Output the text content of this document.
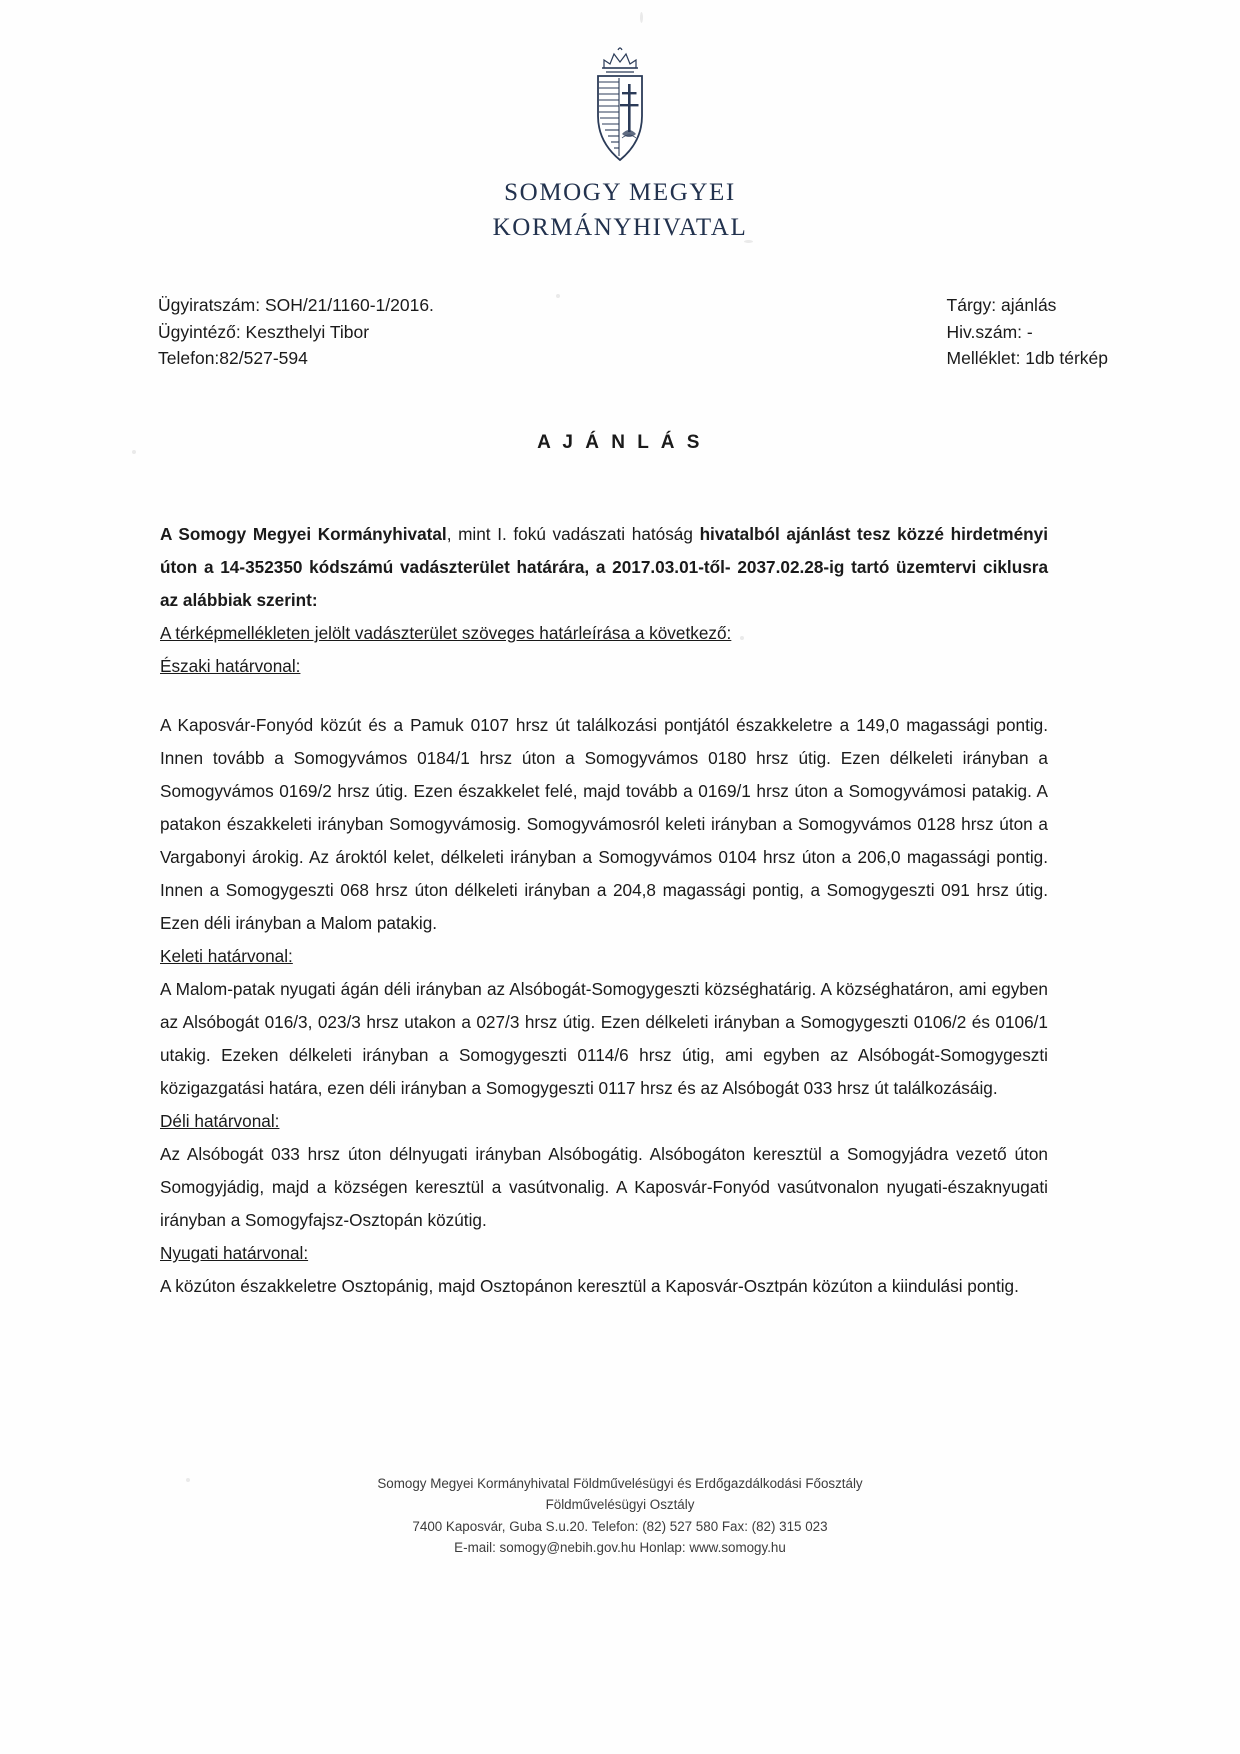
SOMOGY MEGYEI
KORMÁNYHIVATAL
Ügyiratszám: SOH/21/1160-1/2016.
Ügyintéző: Keszthelyi Tibor
Telefon:82/527-594
Tárgy: ajánlás
Hiv.szám: -
Melléklet: 1db térkép
A J Á N L Á S

A Somogy Megyei Kormányhivatal, mint I. fokú vadászati hatóság hivatalból ajánlást tesz közzé hirdetményi úton a 14-352350 kódszámú vadászterület határára, a 2017.03.01-től- 2037.02.28-ig tartó üzemtervi ciklusra az alábbiak szerint:

A térképmellékleten jelölt vadászterület szöveges határleírása a következő:

Északi határvonal:

A Kaposvár-Fonyód közút és a Pamuk 0107 hrsz út találkozási pontjától északkeletre a 149,0 magassági pontig. Innen tovább a Somogyvámos 0184/1 hrsz úton a Somogyvámos 0180 hrsz útig. Ezen délkeleti irányban a Somogyvámos 0169/2 hrsz útig. Ezen északkelet felé, majd tovább a 0169/1 hrsz úton a Somogyvámosi patakig. A patakon északkeleti irányban Somogyvámosig. Somogyvámosról keleti irányban a Somogyvámos 0128 hrsz úton a Vargabonyi árokig. Az ároktól kelet, délkeleti irányban a Somogyvámos 0104 hrsz úton a 206,0 magassági pontig. Innen a Somogygeszti 068 hrsz úton délkeleti irányban a 204,8 magassági pontig, a Somogygeszti 091 hrsz útig. Ezen déli irányban a Malom patakig.

Keleti határvonal:

A Malom-patak nyugati ágán déli irányban az Alsóbogát-Somogygeszti községhatárig. A községhatáron, ami egyben az Alsóbogát 016/3, 023/3 hrsz utakon a 027/3 hrsz útig. Ezen délkeleti irányban a Somogygeszti 0106/2 és 0106/1 utakig. Ezeken délkeleti irányban a Somogygeszti 0114/6 hrsz útig, ami egyben az Alsóbogát-Somogygeszti közigazgatási határa, ezen déli irányban a Somogygeszti 0117 hrsz és az Alsóbogát 033 hrsz út találkozásáig.

Déli határvonal:

Az Alsóbogát 033 hrsz úton délnyugati irányban Alsóbogátig. Alsóbogáton keresztül a Somogyjádra vezető úton Somogyjádig, majd a községen keresztül a vasútvonalig. A Kaposvár-Fonyód vasútvonalon nyugati-északnyugati irányban a Somogyfajsz-Osztopán közútig.

Nyugati határvonal:

A közúton északkeletre Osztopánig, majd Osztopánon keresztül a Kaposvár-Osztpán közúton a kiindulási pontig.

Somogy Megyei Kormányhivatal Földművelésügyi és Erdőgazdálkodási Főosztály
Földművelésügyi Osztály
7400 Kaposvár, Guba S.u.20. Telefon: (82) 527 580 Fax: (82) 315 023
E-mail: somogy@nebih.gov.hu Honlap: www.somogy.hu
